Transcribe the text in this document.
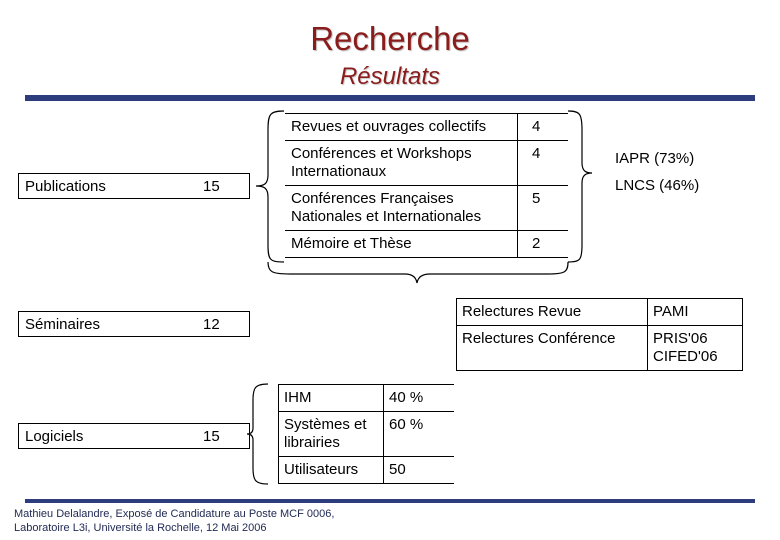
Recherche
Résultats
Publications	15
Séminaires	12
Logiciels	15
Revues et ouvrages collectifs	4
Conférences et Workshops Internationaux	4
Conférences Françaises Nationales et Internationales	5
Mémoire et Thèse	2
IAPR (73%)
LNCS (46%)
Relectures Revue	PAMI
Relectures Conférence	PRIS'06 CIFED'06
IHM	40 %
Systèmes et librairies	60 %
Utilisateurs	50
Mathieu Delalandre, Exposé de Candidature au Poste MCF 0006,
Laboratoire L3i, Université la Rochelle, 12 Mai 2006
